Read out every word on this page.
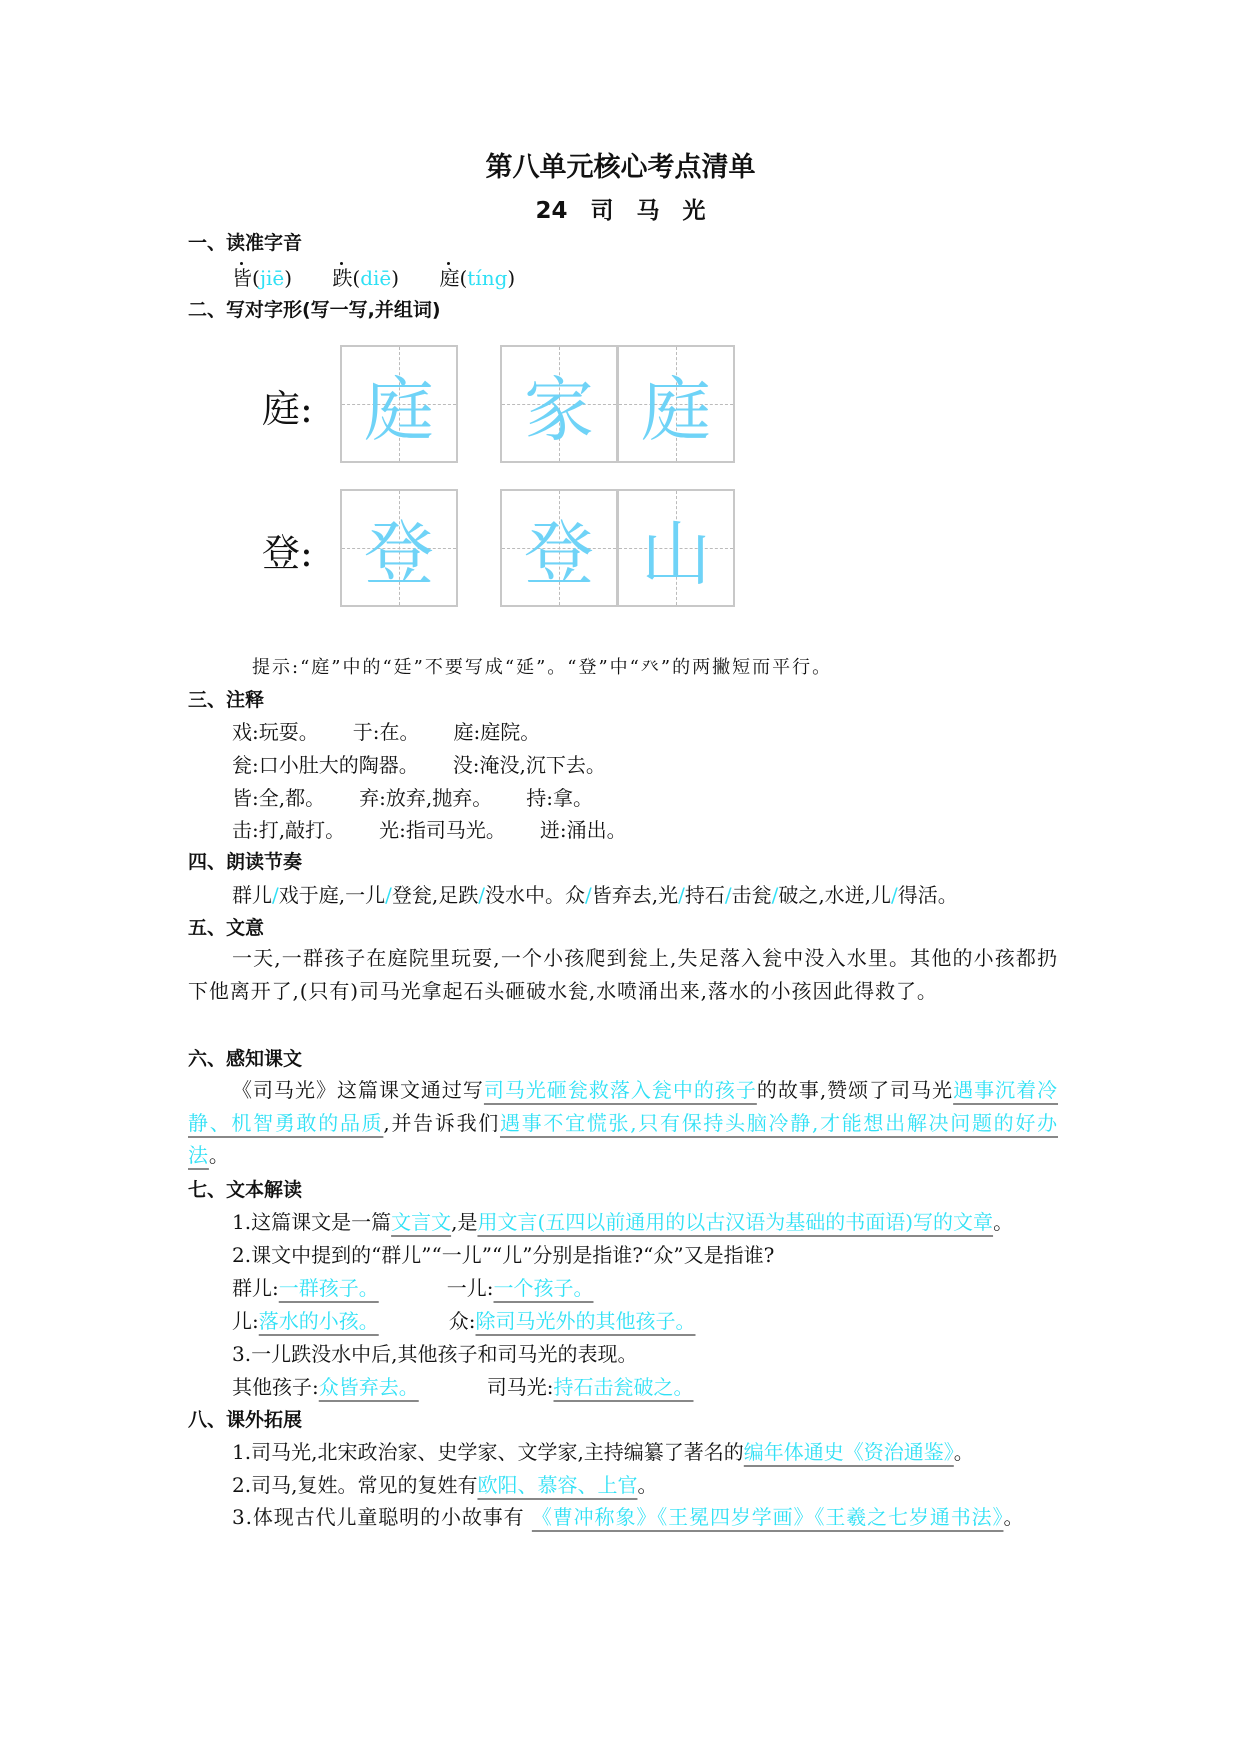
第八单元核心考点清单
24　司　马　光
一、读准字音
皆(jiē) 跌(diē) 庭(tíng)
二、写对字形(写一写,并组词)
庭: 庭	家 庭
登: 登	登 山
提示:“庭”中的“廷”不要写成“延”。“登”中“癶”的两撇短而平行。
三、注释
戏:玩耍。 于:在。 庭:庭院。
瓮:口小肚大的陶器。 没:淹没,沉下去。
皆:全,都。 弃:放弃,抛弃。 持:拿。
击:打,敲打。 光:指司马光。 迸:涌出。
四、朗读节奏
群儿/戏于庭,一儿/登瓮,足跌/没水中。众/皆弃去,光/持石/击瓮/破之,水迸,儿/得活。
五、文意
一天,一群孩子在庭院里玩耍,一个小孩爬到瓮上,失足落入瓮中没入水里。其他的小孩都扔下他离开了,(只有)司马光拿起石头砸破水瓮,水喷涌出来,落水的小孩因此得救了。
六、感知课文
《司马光》这篇课文通过写司马光砸瓮救落入瓮中的孩子的故事,赞颂了司马光遇事沉着冷静、机智勇敢的品质,并告诉我们遇事不宜慌张,只有保持头脑冷静,才能想出解决问题的好办法。
七、文本解读
1.这篇课文是一篇文言文,是用文言(五四以前通用的以古汉语为基础的书面语)写的文章。
2.课文中提到的“群儿”“一儿”“儿”分别是指谁?“众”又是指谁?
群儿:一群孩子。	一儿:一个孩子。
儿:落水的小孩。	众:除司马光外的其他孩子。
3.一儿跌没水中后,其他孩子和司马光的表现。
其他孩子:众皆弃去。	司马光:持石击瓮破之。
八、课外拓展
1.司马光,北宋政治家、史学家、文学家,主持编纂了著名的编年体通史《资治通鉴》。
2.司马,复姓。常见的复姓有欧阳、慕容、上官。
3.体现古代儿童聪明的小故事有 《曹冲称象》《王冕四岁学画》《王羲之七岁通书法》。
